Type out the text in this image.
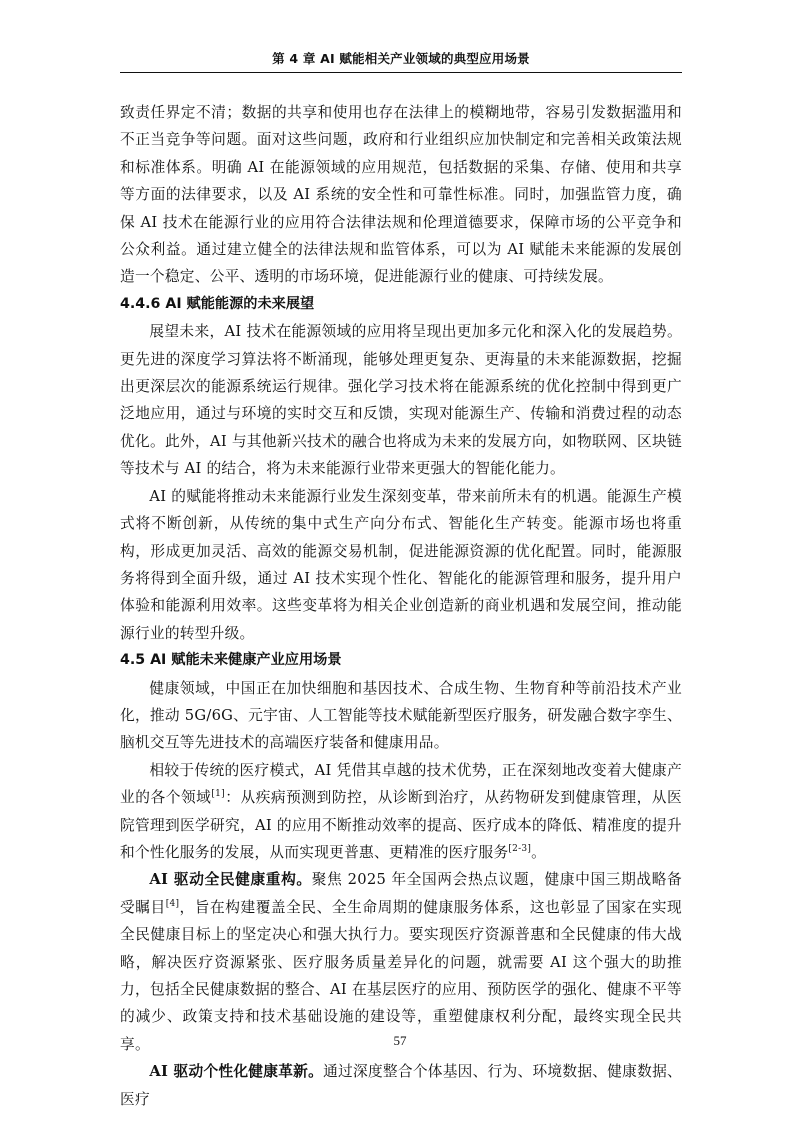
第 4 章 AI 赋能相关产业领域的典型应用场景

致责任界定不清；数据的共享和使用也存在法律上的模糊地带，容易引发数据滥用和不正当竞争等问题。面对这些问题，政府和行业组织应加快制定和完善相关政策法规和标准体系。明确 AI 在能源领域的应用规范，包括数据的采集、存储、使用和共享等方面的法律要求，以及 AI 系统的安全性和可靠性标准。同时，加强监管力度，确保 AI 技术在能源行业的应用符合法律法规和伦理道德要求，保障市场的公平竞争和公众利益。通过建立健全的法律法规和监管体系，可以为 AI 赋能未来能源的发展创造一个稳定、公平、透明的市场环境，促进能源行业的健康、可持续发展。

4.4.6 AI 赋能能源的未来展望

展望未来，AI 技术在能源领域的应用将呈现出更加多元化和深入化的发展趋势。更先进的深度学习算法将不断涌现，能够处理更复杂、更海量的未来能源数据，挖掘出更深层次的能源系统运行规律。强化学习技术将在能源系统的优化控制中得到更广泛地应用，通过与环境的实时交互和反馈，实现对能源生产、传输和消费过程的动态优化。此外，AI 与其他新兴技术的融合也将成为未来的发展方向，如物联网、区块链等技术与 AI 的结合，将为未来能源行业带来更强大的智能化能力。

AI 的赋能将推动未来能源行业发生深刻变革，带来前所未有的机遇。能源生产模式将不断创新，从传统的集中式生产向分布式、智能化生产转变。能源市场也将重构，形成更加灵活、高效的能源交易机制，促进能源资源的优化配置。同时，能源服务将得到全面升级，通过 AI 技术实现个性化、智能化的能源管理和服务，提升用户体验和能源利用效率。这些变革将为相关企业创造新的商业机遇和发展空间，推动能源行业的转型升级。

4.5 AI 赋能未来健康产业应用场景

健康领域，中国正在加快细胞和基因技术、合成生物、生物育种等前沿技术产业化，推动 5G/6G、元宇宙、人工智能等技术赋能新型医疗服务，研发融合数字孪生、脑机交互等先进技术的高端医疗装备和健康用品。

相较于传统的医疗模式，AI 凭借其卓越的技术优势，正在深刻地改变着大健康产业的各个领域[1]：从疾病预测到防控，从诊断到治疗，从药物研发到健康管理，从医院管理到医学研究，AI 的应用不断推动效率的提高、医疗成本的降低、精准度的提升和个性化服务的发展，从而实现更普惠、更精准的医疗服务[2-3]。

AI 驱动全民健康重构。聚焦 2025 年全国两会热点议题，健康中国三期战略备受瞩目[4]，旨在构建覆盖全民、全生命周期的健康服务体系，这也彰显了国家在实现全民健康目标上的坚定决心和强大执行力。要实现医疗资源普惠和全民健康的伟大战略，解决医疗资源紧张、医疗服务质量差异化的问题，就需要 AI 这个强大的助推力，包括全民健康数据的整合、AI 在基层医疗的应用、预防医学的强化、健康不平等的减少、政策支持和技术基础设施的建设等，重塑健康权利分配，最终实现全民共享。

AI 驱动个性化健康革新。通过深度整合个体基因、行为、环境数据、健康数据、医疗

57
